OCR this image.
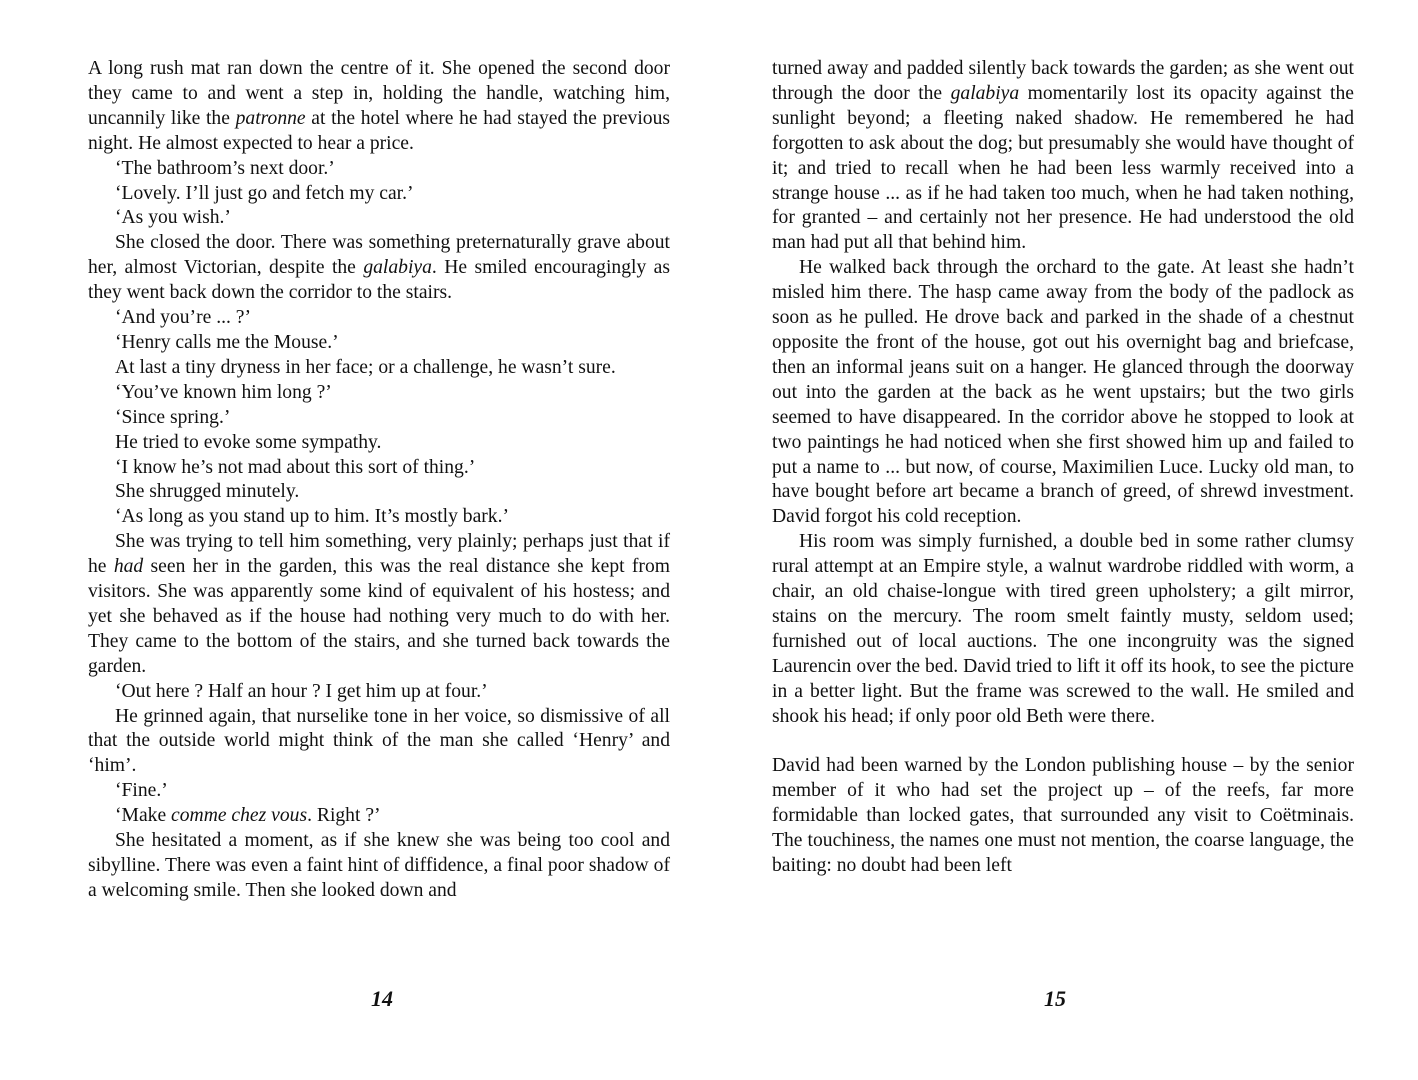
A long rush mat ran down the centre of it. She opened the second door they came to and went a step in, holding the handle, watching him, uncannily like the patronne at the hotel where he had stayed the previous night. He almost expected to hear a price.

‘The bathroom’s next door.’

‘Lovely. I’ll just go and fetch my car.’

‘As you wish.’

She closed the door. There was something preternaturally grave about her, almost Victorian, despite the galabiya. He smiled encouragingly as they went back down the corridor to the stairs.

‘And you’re ... ?’

‘Henry calls me the Mouse.’

At last a tiny dryness in her face; or a challenge, he wasn’t sure.

‘You’ve known him long ?’

‘Since spring.’

He tried to evoke some sympathy.

‘I know he’s not mad about this sort of thing.’

She shrugged minutely.

‘As long as you stand up to him. It’s mostly bark.’

She was trying to tell him something, very plainly; perhaps just that if he had seen her in the garden, this was the real distance she kept from visitors. She was apparently some kind of equivalent of his hostess; and yet she behaved as if the house had nothing very much to do with her. They came to the bottom of the stairs, and she turned back towards the garden.

‘Out here ? Half an hour ? I get him up at four.’

He grinned again, that nurselike tone in her voice, so dismissive of all that the outside world might think of the man she called ‘Henry’ and ‘him’.

‘Fine.’

‘Make comme chez vous. Right ?’

She hesitated a moment, as if she knew she was being too cool and sibylline. There was even a faint hint of diffidence, a final poor shadow of a welcoming smile. Then she looked down and

turned away and padded silently back towards the garden; as she went out through the door the galabiya momentarily lost its opacity against the sunlight beyond; a fleeting naked shadow. He remembered he had forgotten to ask about the dog; but presumably she would have thought of it; and tried to recall when he had been less warmly received into a strange house ... as if he had taken too much, when he had taken nothing, for granted – and certainly not her presence. He had understood the old man had put all that behind him.

He walked back through the orchard to the gate. At least she hadn’t misled him there. The hasp came away from the body of the padlock as soon as he pulled. He drove back and parked in the shade of a chestnut opposite the front of the house, got out his overnight bag and briefcase, then an informal jeans suit on a hanger. He glanced through the doorway out into the garden at the back as he went upstairs; but the two girls seemed to have disappeared. In the corridor above he stopped to look at two paintings he had noticed when she first showed him up and failed to put a name to ... but now, of course, Maximilien Luce. Lucky old man, to have bought before art became a branch of greed, of shrewd investment. David forgot his cold reception.

His room was simply furnished, a double bed in some rather clumsy rural attempt at an Empire style, a walnut wardrobe riddled with worm, a chair, an old chaise-longue with tired green upholstery; a gilt mirror, stains on the mercury. The room smelt faintly musty, seldom used; furnished out of local auctions. The one incongruity was the signed Laurencin over the bed. David tried to lift it off its hook, to see the picture in a better light. But the frame was screwed to the wall. He smiled and shook his head; if only poor old Beth were there.

David had been warned by the London publishing house – by the senior member of it who had set the project up – of the reefs, far more formidable than locked gates, that surrounded any visit to Coëtminais. The touchiness, the names one must not mention, the coarse language, the baiting: no doubt had been left

14	15
